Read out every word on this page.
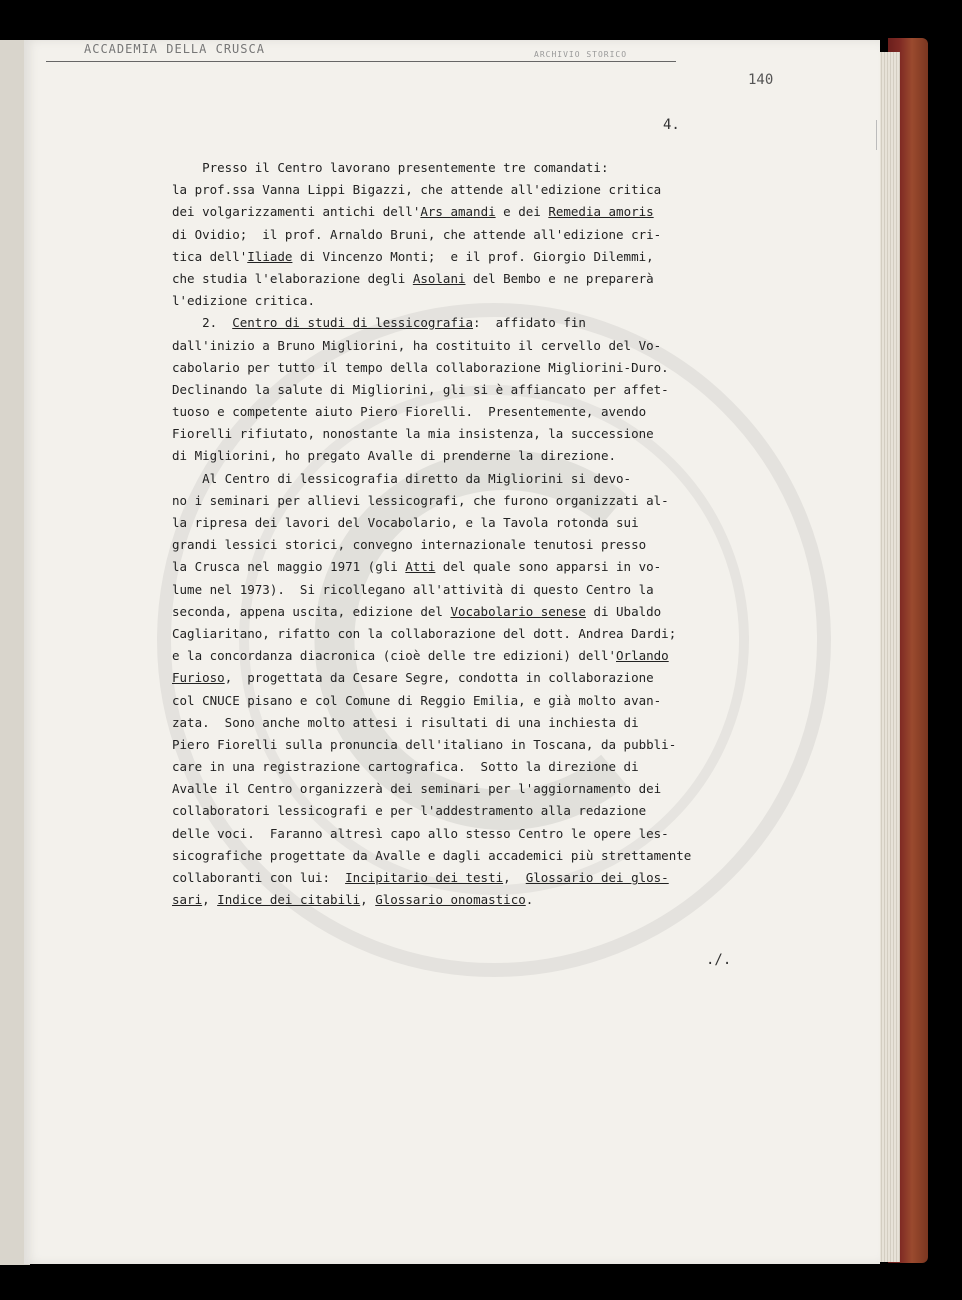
ACCADEMIA DELLA CRUSCA	ARCHIVIO STORICO
140
4.
Presso il Centro lavorano presentemente tre comandati:
la prof.ssa Vanna Lippi Bigazzi, che attende all'edizione critica
dei volgarizzamenti antichi dell'Ars amandi e dei Remedia amoris
di Ovidio;  il prof. Arnaldo Bruni, che attende all'edizione cri-
tica dell'Iliade di Vincenzo Monti;  e il prof. Giorgio Dilemmi,
che studia l'elaborazione degli Asolani del Bembo e ne preparerà
l'edizione critica.
2.  Centro di studi di lessicografia:  affidato fin
dall'inizio a Bruno Migliorini, ha costituito il cervello del Vo-
cabolario per tutto il tempo della collaborazione Migliorini-Duro.
Declinando la salute di Migliorini, gli si è affiancato per affet-
tuoso e competente aiuto Piero Fiorelli.  Presentemente, avendo
Fiorelli rifiutato, nonostante la mia insistenza, la successione
di Migliorini, ho pregato Avalle di prenderne la direzione.
Al Centro di lessicografia diretto da Migliorini si devo-
no i seminari per allievi lessicografi, che furono organizzati al-
la ripresa dei lavori del Vocabolario, e la Tavola rotonda sui
grandi lessici storici, convegno internazionale tenutosi presso
la Crusca nel maggio 1971 (gli Atti del quale sono apparsi in vo-
lume nel 1973).  Si ricollegano all'attività di questo Centro la
seconda, appena uscita, edizione del Vocabolario senese di Ubaldo
Cagliaritano, rifatto con la collaborazione del dott. Andrea Dardi;
e la concordanza diacronica (cioè delle tre edizioni) dell'Orlando
Furioso,  progettata da Cesare Segre, condotta in collaborazione
col CNUCE pisano e col Comune di Reggio Emilia, e già molto avan-
zata.  Sono anche molto attesi i risultati di una inchiesta di
Piero Fiorelli sulla pronuncia dell'italiano in Toscana, da pubbli-
care in una registrazione cartografica.  Sotto la direzione di
Avalle il Centro organizzerà dei seminari per l'aggiornamento dei
collaboratori lessicografi e per l'addestramento alla redazione
delle voci.  Faranno altresì capo allo stesso Centro le opere les-
sicografiche progettate da Avalle e dagli accademici più strettamente
collaboranti con lui:  Incipitario dei testi,  Glossario dei glos-
sari, Indice dei citabili, Glossario onomastico.
./.
